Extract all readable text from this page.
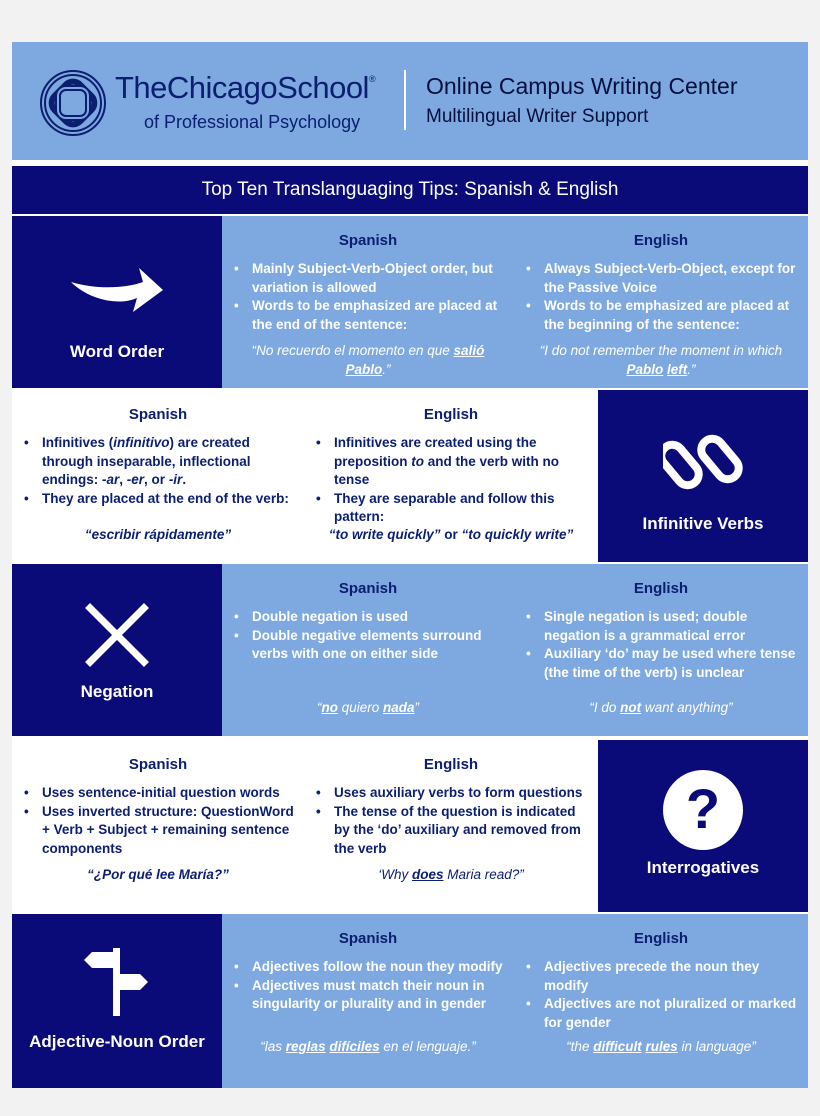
TheChicagoSchool®
of Professional Psychology
Online Campus Writing Center
Multilingual Writer Support
Top Ten Translanguaging Tips: Spanish & English
Word Order
Spanish
• Mainly Subject-Verb-Object order, but variation is allowed
• Words to be emphasized are placed at the end of the sentence:
“No recuerdo el momento en que salió Pablo.”
English
• Always Subject-Verb-Object, except for the Passive Voice
• Words to be emphasized are placed at the beginning of the sentence:
“I do not remember the moment in which Pablo left.”
Spanish
• Infinitives (infinitivo) are created through inseparable, inflectional endings: -ar, -er, or -ir.
• They are placed at the end of the verb:
“escribir rápidamente”
English
• Infinitives are created using the preposition to and the verb with no tense
• They are separable and follow this pattern:
“to write quickly” or “to quickly write”
Infinitive Verbs
Negation
Spanish
• Double negation is used
• Double negative elements surround verbs with one on either side
“no quiero nada”
English
• Single negation is used; double negation is a grammatical error
• Auxiliary ‘do’ may be used where tense (the time of the verb) is unclear
“I do not want anything”
Spanish
• Uses sentence-initial question words
• Uses inverted structure: QuestionWord + Verb + Subject + remaining sentence components
“¿Por qué lee María?”
English
• Uses auxiliary verbs to form questions
• The tense of the question is indicated by the ‘do’ auxiliary and removed from the verb
‘Why does Maria read?”
?
Interrogatives
Adjective-Noun Order
Spanish
• Adjectives follow the noun they modify
• Adjectives must match their noun in singularity or plurality and in gender
“las reglas difíciles en el lenguaje.”
English
• Adjectives precede the noun they modify
• Adjectives are not pluralized or marked for gender
“the difficult rules in language”
